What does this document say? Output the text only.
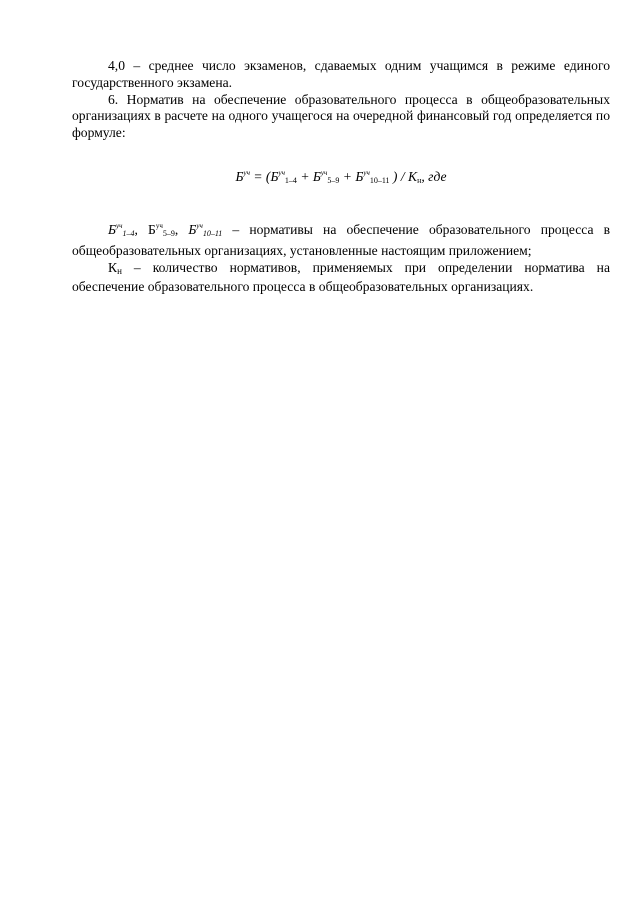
4,0 – среднее число экзаменов, сдаваемых одним учащимся в режиме единого государственного экзамена.

6. Норматив на обеспечение образовательного процесса в общеобразовательных организациях в расчете на одного учащегося на очередной финансовый год определяется по формуле:

$Б^{уч} = (Б^{уч}_{1-4} + Б^{уч}_{5-9} + Б^{уч}_{10-11}$ ) / $К_н$, где

$Б^{уч}_{1-4}$, $Б^{уч}_{5-9}$, $Б^{уч}_{10-11}$ – нормативы на обеспечение образовательного процесса в общеобразовательных организациях, установленные настоящим приложением;

$К_н$ – количество нормативов, применяемых при определении норматива на обеспечение образовательного процесса в общеобразовательных организациях.
